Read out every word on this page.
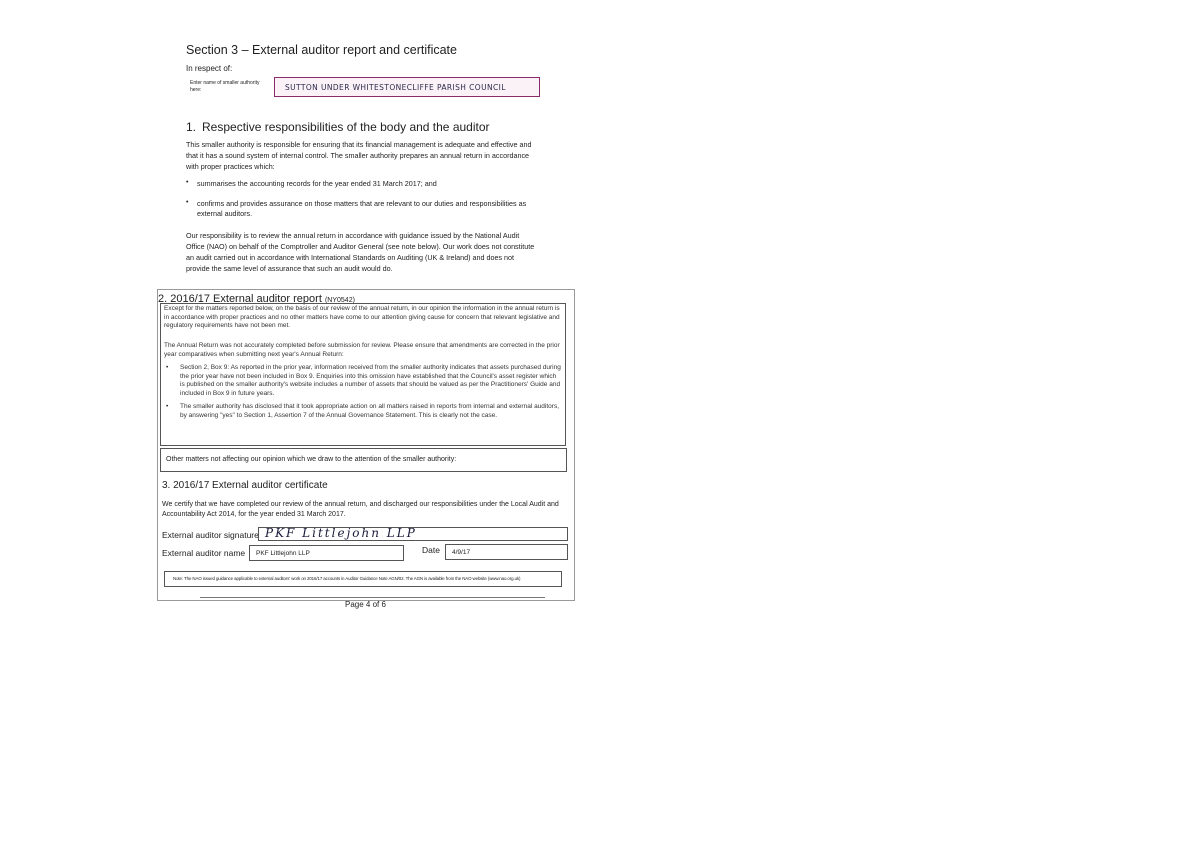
Section 3 – External auditor report and certificate
In respect of:
Enter name of smaller authority here:	SUTTON UNDER WHITESTONECLIFFE PARISH COUNCIL
1. Respective responsibilities of the body and the auditor
This smaller authority is responsible for ensuring that its financial management is adequate and effective and that it has a sound system of internal control. The smaller authority prepares an annual return in accordance with proper practices which:
• summarises the accounting records for the year ended 31 March 2017; and
• confirms and provides assurance on those matters that are relevant to our duties and responsibilities as external auditors.
Our responsibility is to review the annual return in accordance with guidance issued by the National Audit Office (NAO) on behalf of the Comptroller and Auditor General (see note below). Our work does not constitute an audit carried out in accordance with International Standards on Auditing (UK & Ireland) and does not provide the same level of assurance that such an audit would do.
2. 2016/17 External auditor report (NY0542)
Except for the matters reported below, on the basis of our review of the annual return, in our opinion the information in the annual return is in accordance with proper practices and no other matters have come to our attention giving cause for concern that relevant legislative and regulatory requirements have not been met.
The Annual Return was not accurately completed before submission for review. Please ensure that amendments are corrected in the prior year comparatives when submitting next year's Annual Return:
• Section 2, Box 9: As reported in the prior year, information received from the smaller authority indicates that assets purchased during the prior year have not been included in Box 9. Enquiries into this omission have established that the Council's asset register which is published on the smaller authority's website includes a number of assets that should be valued as per the Practitioners' Guide and included in Box 9 in future years.
• The smaller authority has disclosed that it took appropriate action on all matters raised in reports from internal and external auditors, by answering "yes" to Section 1, Assertion 7 of the Annual Governance Statement. This is clearly not the case.
Other matters not affecting our opinion which we draw to the attention of the smaller authority:
3. 2016/17 External auditor certificate
We certify that we have completed our review of the annual return, and discharged our responsibilities under the Local Audit and Accountability Act 2014, for the year ended 31 March 2017.
External auditor signature PKF Littlejohn LLP
External auditor name PKF Littlejohn LLP	Date 4/9/17
Note: The NAO issued guidance applicable to external auditors' work on 2016/17 accounts in Auditor Guidance Note AGN/02. The AGN is available from the NAO website (www.nao.org.uk)
Page 4 of 6
